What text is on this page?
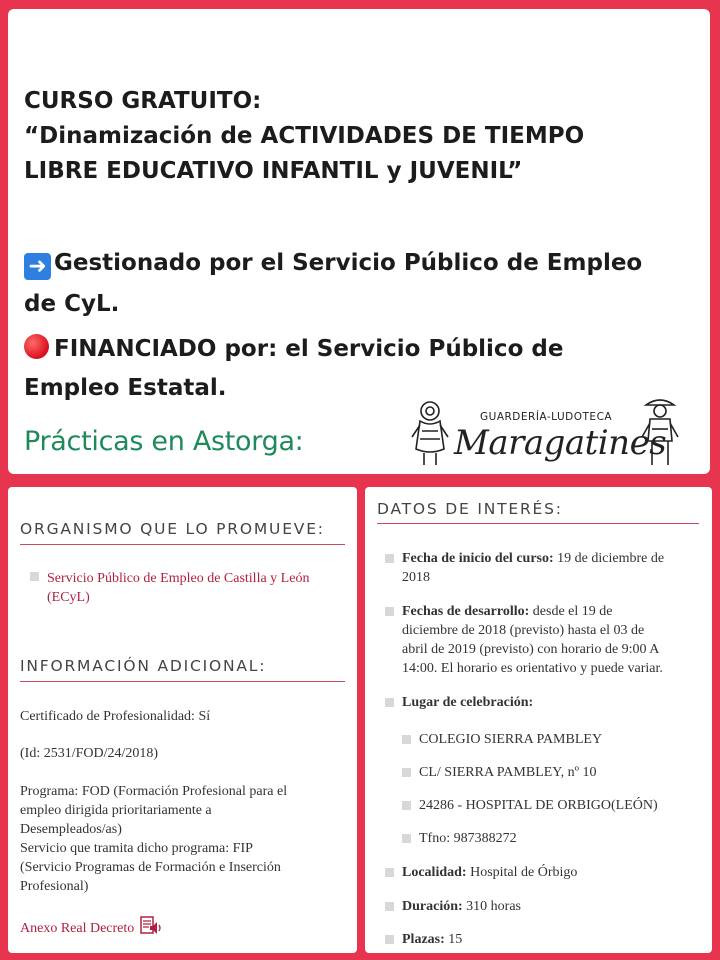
CURSO GRATUITO:
“Dinamización de ACTIVIDADES DE TIEMPO
LIBRE EDUCATIVO INFANTIL y JUVENIL”
➜ Gestionado por el Servicio Público de Empleo
de CyL.
FINANCIADO por: el Servicio Público de
Empleo Estatal.
Prácticas en Astorga:
GUARDERÍA-LUDOTECA
Maragatines
ORGANISMO QUE LO PROMUEVE:
Servicio Público de Empleo de Castilla y León
(ECyL)
INFORMACIÓN ADICIONAL:
Certificado de Profesionalidad: Sí
(Id: 2531/FOD/24/2018)
Programa: FOD (Formación Profesional para el
empleo dirigida prioritariamente a
Desempleados/as)
Servicio que tramita dicho programa: FIP
(Servicio Programas de Formación e Inserción
Profesional)
Anexo Real Decreto
DATOS DE INTERÉS:
Fecha de inicio del curso: 19 de diciembre de
2018
Fechas de desarrollo: desde el 19 de
diciembre de 2018 (previsto) hasta el 03 de
abril de 2019 (previsto) con horario de 9:00 A
14:00. El horario es orientativo y puede variar.
Lugar de celebración:
COLEGIO SIERRA PAMBLEY
CL/ SIERRA PAMBLEY, nº 10
24286 - HOSPITAL DE ORBIGO(LEÓN)
Tfno: 987388272
Localidad: Hospital de Órbigo
Duración: 310 horas
Plazas: 15
